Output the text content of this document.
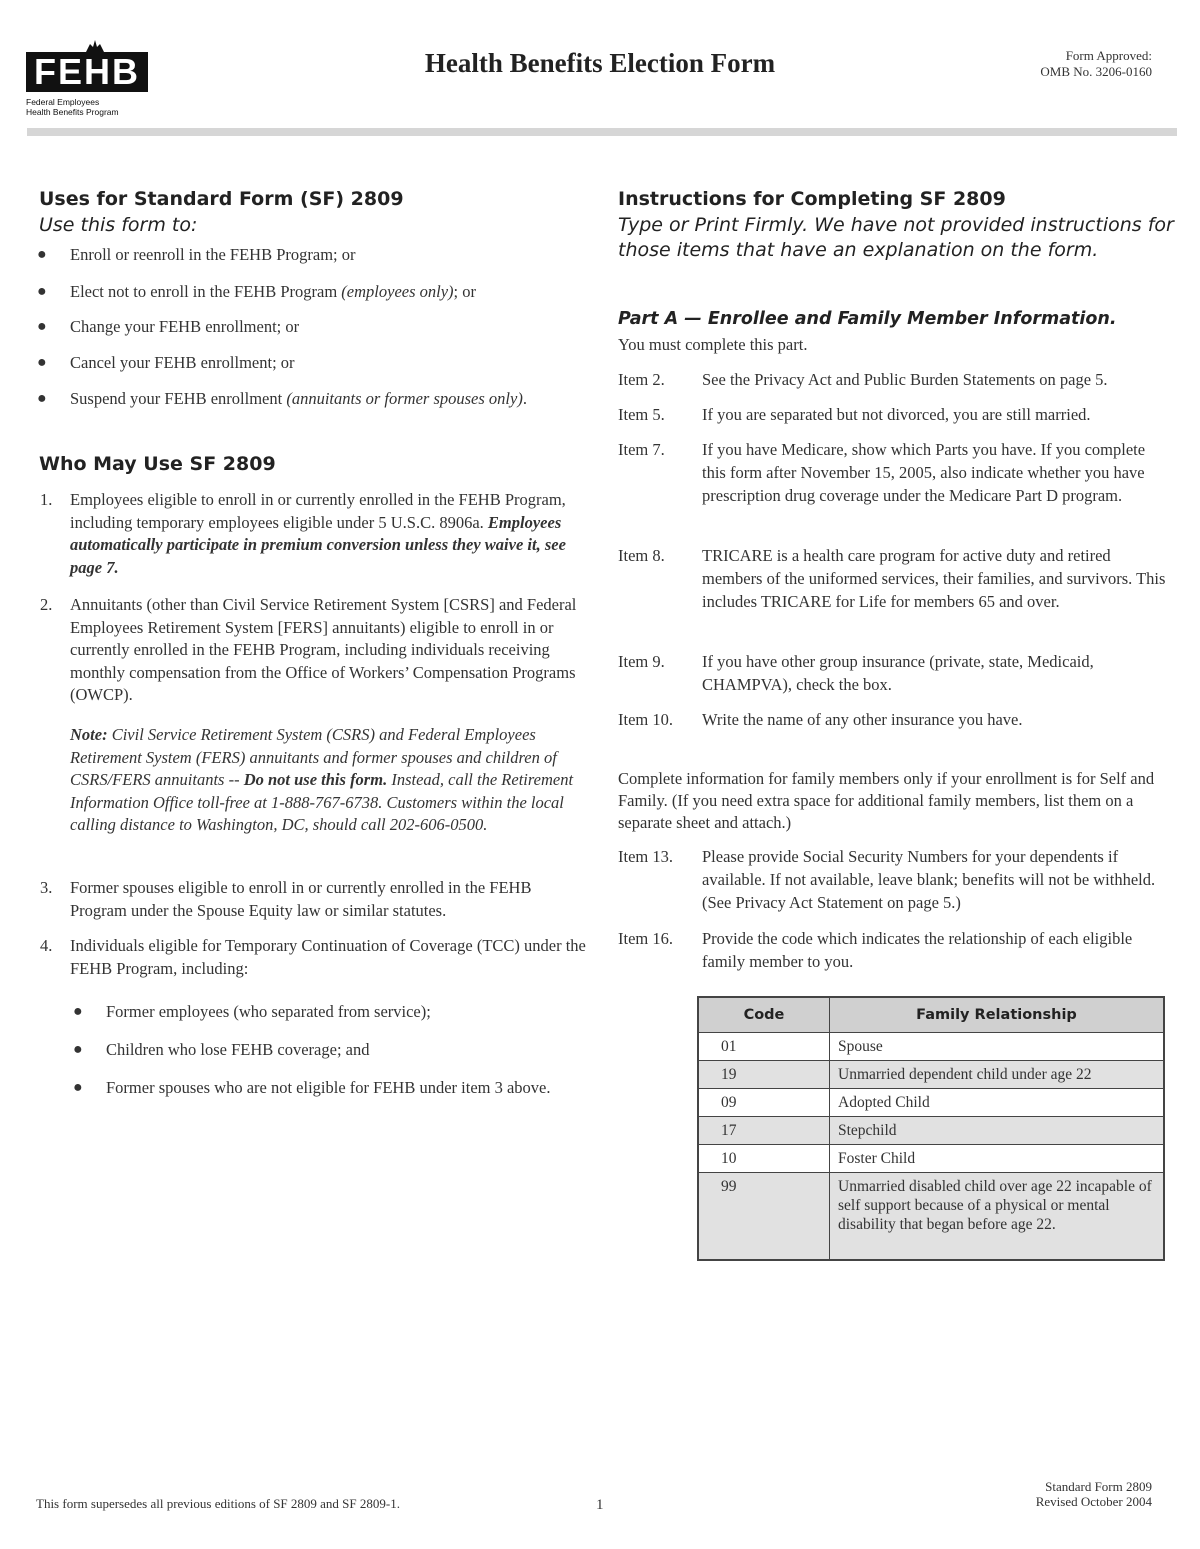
FEHB
Federal Employees
Health Benefits Program
Health Benefits Election Form	Form Approved:
OMB No. 3206-0160
Uses for Standard Form (SF) 2809
Use this form to:
● Enroll or reenroll in the FEHB Program; or
● Elect not to enroll in the FEHB Program (employees only); or
● Change your FEHB enrollment; or
● Cancel your FEHB enrollment; or
● Suspend your FEHB enrollment (annuitants or former spouses only).
Who May Use SF 2809
1. Employees eligible to enroll in or currently enrolled in the FEHB Program, including temporary employees eligible under 5 U.S.C. 8906a. Employees automatically participate in premium conversion unless they waive it, see page 7.
2. Annuitants (other than Civil Service Retirement System [CSRS] and Federal Employees Retirement System [FERS] annuitants) eligible to enroll in or currently enrolled in the FEHB Program, including individuals receiving monthly compensation from the Office of Workers’ Compensation Programs (OWCP).
Note: Civil Service Retirement System (CSRS) and Federal Employees Retirement System (FERS) annuitants and former spouses and children of CSRS/FERS annuitants -- Do not use this form. Instead, call the Retirement Information Office toll-free at 1-888-767-6738. Customers within the local calling distance to Washington, DC, should call 202-606-0500.
3. Former spouses eligible to enroll in or currently enrolled in the FEHB Program under the Spouse Equity law or similar statutes.
4. Individuals eligible for Temporary Continuation of Coverage (TCC) under the FEHB Program, including:
● Former employees (who separated from service);
● Children who lose FEHB coverage; and
● Former spouses who are not eligible for FEHB under item 3 above.
Instructions for Completing SF 2809
Type or Print Firmly. We have not provided instructions for those items that have an explanation on the form.
Part A — Enrollee and Family Member Information.
You must complete this part.
Item 2.	See the Privacy Act and Public Burden Statements on page 5.
Item 5.	If you are separated but not divorced, you are still married.
Item 7.	If you have Medicare, show which Parts you have. If you complete this form after November 15, 2005, also indicate whether you have prescription drug coverage under the Medicare Part D program.
Item 8.	TRICARE is a health care program for active duty and retired members of the uniformed services, their families, and survivors. This includes TRICARE for Life for members 65 and over.
Item 9.	If you have other group insurance (private, state, Medicaid, CHAMPVA), check the box.
Item 10.	Write the name of any other insurance you have.
Complete information for family members only if your enrollment is for Self and Family. (If you need extra space for additional family members, list them on a separate sheet and attach.)
Item 13.	Please provide Social Security Numbers for your dependents if available. If not available, leave blank; benefits will not be withheld. (See Privacy Act Statement on page 5.)
Item 16.	Provide the code which indicates the relationship of each eligible family member to you.
Code	Family Relationship
01	Spouse
19	Unmarried dependent child under age 22
09	Adopted Child
17	Stepchild
10	Foster Child
99	Unmarried disabled child over age 22 incapable of self support because of a physical or mental disability that began before age 22.
This form supersedes all previous editions of SF 2809 and SF 2809-1.	1
Standard Form 2809
Revised October 2004
